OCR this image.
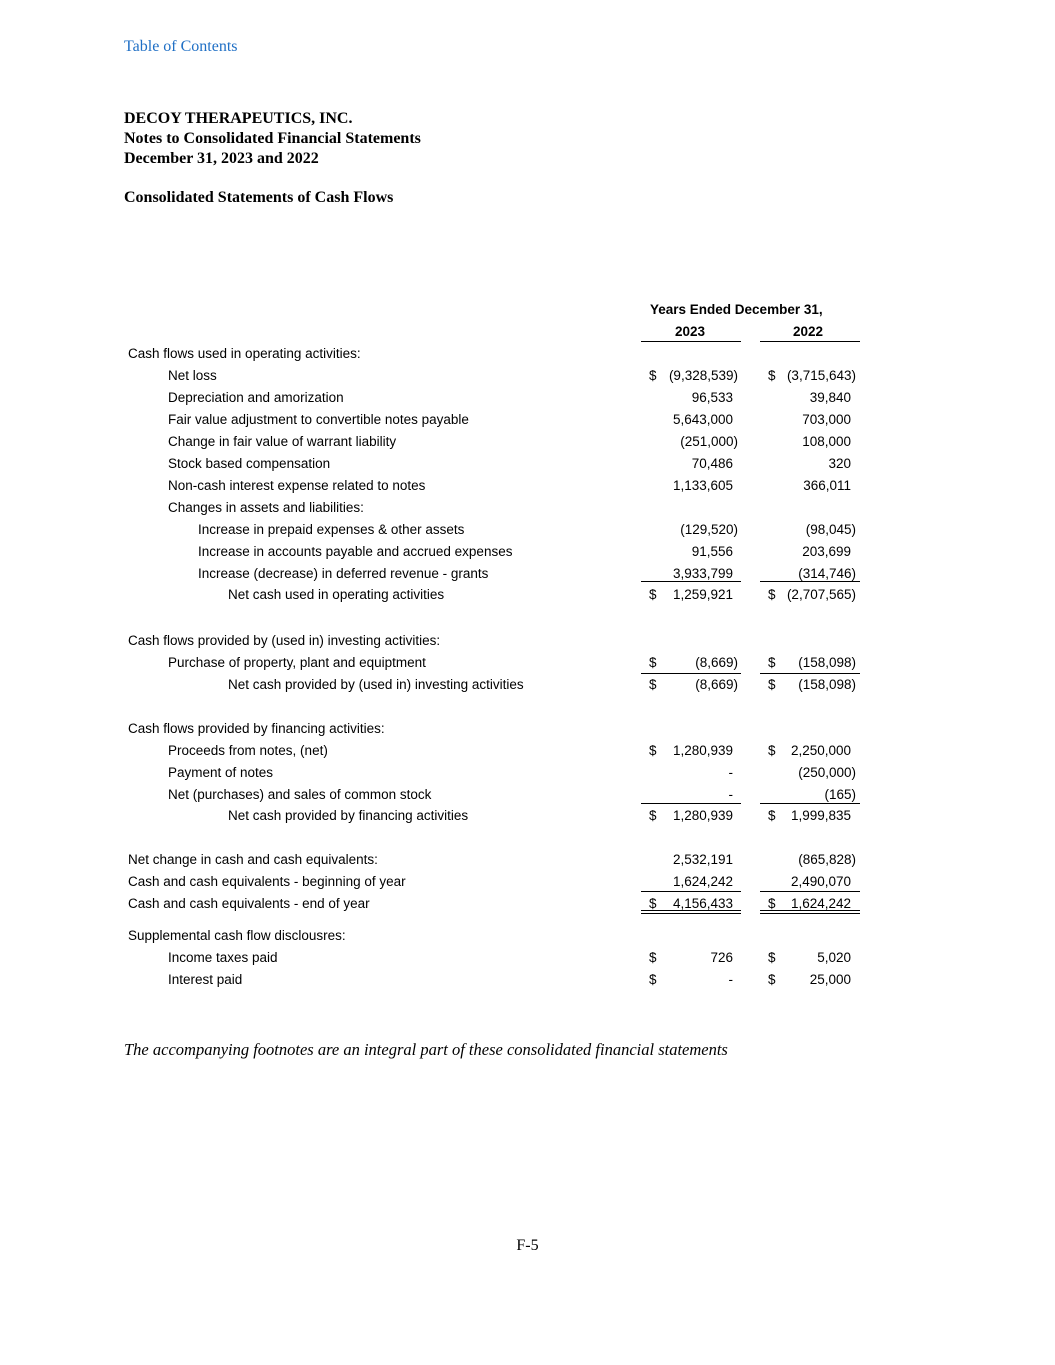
Table of Contents
DECOY THERAPEUTICS, INC.
Notes to Consolidated Financial Statements
December 31, 2023 and 2022
Consolidated Statements of Cash Flows
Years Ended December 31,
2023	2022
Cash flows used in operating activities:
Net loss	$ (9,328,539) $ (3,715,643)
Depreciation and amorization	96,533	39,840
Fair value adjustment to convertible notes payable	5,643,000	703,000
Change in fair value of warrant liability	(251,000)	108,000
Stock based compensation	70,486	320
Non-cash interest expense related to notes	1,133,605	366,011
Changes in assets and liabilities:
Increase in prepaid expenses & other assets	(129,520)	(98,045)
Increase in accounts payable and accrued expenses	91,556	203,699
Increase (decrease) in deferred revenue - grants	3,933,799	(314,746)
Net cash used in operating activities	$ 1,259,921	$ (2,707,565)
Cash flows provided by (used in) investing activities:
Purchase of property, plant and equiptment	$	(8,669) $ (158,098)
Net cash provided by (used in) investing activities	$	(8,669) $ (158,098)
Cash flows provided by financing activities:
Proceeds from notes, (net)	$ 1,280,939	$ 2,250,000
Payment of notes	-	(250,000)
Net (purchases) and sales of common stock	-	(165)
Net cash provided by financing activities	$ 1,280,939	$ 1,999,835
Net change in cash and cash equivalents:	2,532,191	(865,828)
Cash and cash equivalents - beginning of year	1,624,242	2,490,070
Cash and cash equivalents - end of year	$ 4,156,433	$ 1,624,242
Supplemental cash flow disclousres:
Income taxes paid	$	726	$	5,020
Interest paid	$	-	$	25,000
The accompanying footnotes are an integral part of these consolidated financial statements
F-5
